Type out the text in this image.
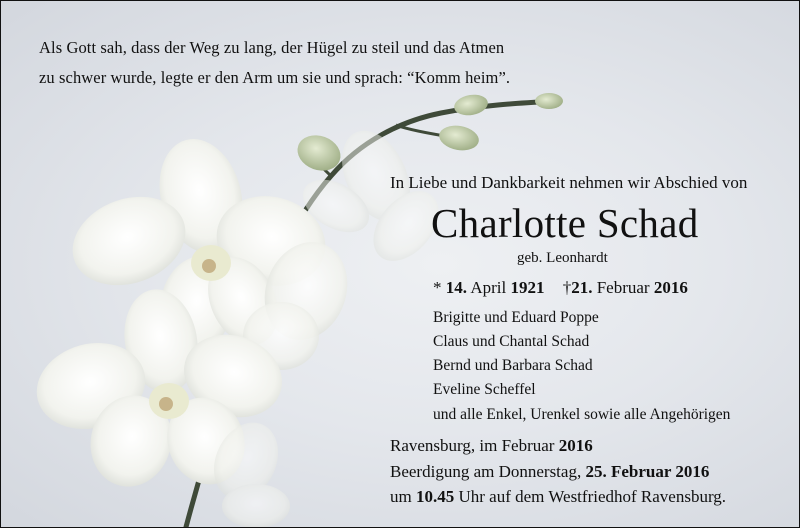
Als Gott sah, dass der Weg zu lang, der Hügel zu steil und das Atmen
zu schwer wurde, legte er den Arm um sie und sprach: “Komm heim”.
In Liebe und Dankbarkeit nehmen wir Abschied von
Charlotte Schad
geb. Leonhardt
* 14. April 1921 †21. Februar 2016
Brigitte und Eduard Poppe
Claus und Chantal Schad
Bernd und Barbara Schad
Eveline Scheffel
und alle Enkel, Urenkel sowie alle Angehörigen
Ravensburg, im Februar 2016
Beerdigung am Donnerstag, 25. Februar 2016
um 10.45 Uhr auf dem Westfriedhof Ravensburg.
